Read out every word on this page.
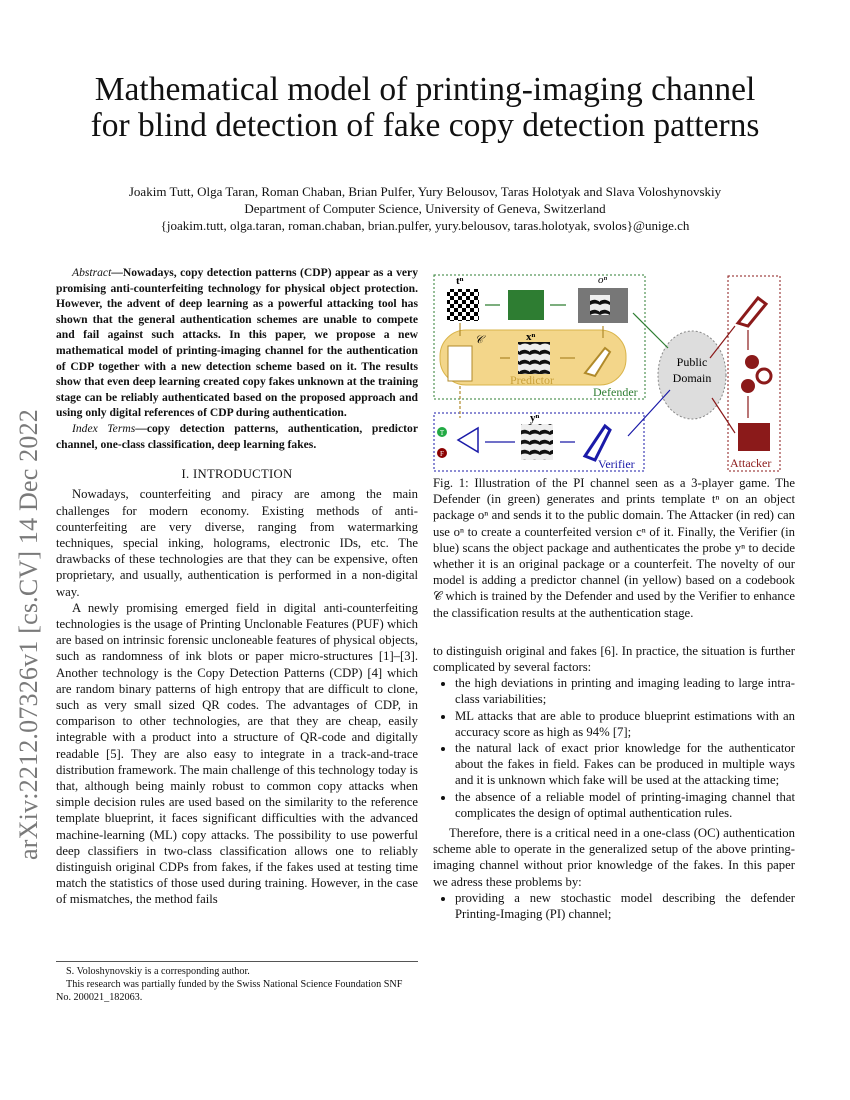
Mathematical model of printing-imaging channel
for blind detection of fake copy detection patterns
Joakim Tutt, Olga Taran, Roman Chaban, Brian Pulfer, Yury Belousov, Taras Holotyak and Slava Voloshynovskiy
Department of Computer Science, University of Geneva, Switzerland
{joakim.tutt, olga.taran, roman.chaban, brian.pulfer, yury.belousov, taras.holotyak, svolos}@unige.ch
arXiv:2212.07326v1 [cs.CV] 14 Dec 2022

Abstract—Nowadays, copy detection patterns (CDP) appear as a very promising anti-counterfeiting technology for physical object protection. However, the advent of deep learning as a powerful attacking tool has shown that the general authentication schemes are unable to compete and fail against such attacks. In this paper, we propose a new mathematical model of printing-imaging channel for the authentication of CDP together with a new detection scheme based on it. The results show that even deep learning created copy fakes unknown at the training stage can be reliably authenticated based on the proposed approach and using only digital references of CDP during authentication.

Index Terms—copy detection patterns, authentication, predictor channel, one-class classification, deep learning fakes.

I. INTRODUCTION

Nowadays, counterfeiting and piracy are among the main challenges for modern economy. Existing methods of anti-counterfeiting are very diverse, ranging from watermarking techniques, special inking, holograms, electronic IDs, etc. The drawbacks of these technologies are that they can be expensive, often proprietary, and usually, authentication is performed in a non-digital way.

A newly promising emerged field in digital anti-counterfeiting technologies is the usage of Printing Unclonable Features (PUF) which are based on intrinsic forensic uncloneable features of physical objects, such as randomness of ink blots or paper micro-structures [1]–[3]. Another technology is the Copy Detection Patterns (CDP) [4] which are random binary patterns of high entropy that are difficult to clone, such as very small sized QR codes. The advantages of CDP, in comparison to other technologies, are that they are cheap, easily integrable with a product into a structure of QR-code and digitally readable [5]. They are also easy to integrate in a track-and-trace distribution framework. The main challenge of this technology today is that, although being mainly robust to common copy attacks when simple decision rules are used based on the similarity to the reference template blueprint, it faces significant difficulties with the advanced machine-learning (ML) copy attacks. The possibility to use powerful deep classifiers in two-class classification allows one to reliably distinguish original CDPs from fakes, if the fakes used at testing time match the statistics of those used during training. However, in the case of mismatches, the method fails

S. Voloshynovskiy is a corresponding author.

This research was partially funded by the Swiss National Science Foundation SNF No. 200021_182063.

tⁿ	oⁿ
𝒞	xⁿ
Predictor
Defender
Public
Domain
Attacker
yⁿ
Verifier
T
F

Fig. 1: Illustration of the PI channel seen as a 3-player game. The Defender (in green) generates and prints template tⁿ on an object package oⁿ and sends it to the public domain. The Attacker (in red) can use oⁿ to create a counterfeited version cⁿ of it. Finally, the Verifier (in blue) scans the object package and authenticates the probe yⁿ to decide whether it is an original package or a counterfeit. The novelty of our model is adding a predictor channel (in yellow) based on a codebook 𝒞 which is trained by the Defender and used by the Verifier to enhance the classification results at the authentication stage.

to distinguish original and fakes [6]. In practice, the situation is further complicated by several factors:

• the high deviations in printing and imaging leading to large intra-class variabilities;
• ML attacks that are able to produce blueprint estimations with an accuracy score as high as 94% [7];
• the natural lack of exact prior knowledge for the authenticator about the fakes in field. Fakes can be produced in multiple ways and it is unknown which fake will be used at the attacking time;
• the absence of a reliable model of printing-imaging channel that complicates the design of optimal authentication rules.

Therefore, there is a critical need in a one-class (OC) authentication scheme able to operate in the generalized setup of the above printing-imaging channel without prior knowledge of the fakes. In this paper we adress these problems by:

• providing a new stochastic model describing the defender Printing-Imaging (PI) channel;
